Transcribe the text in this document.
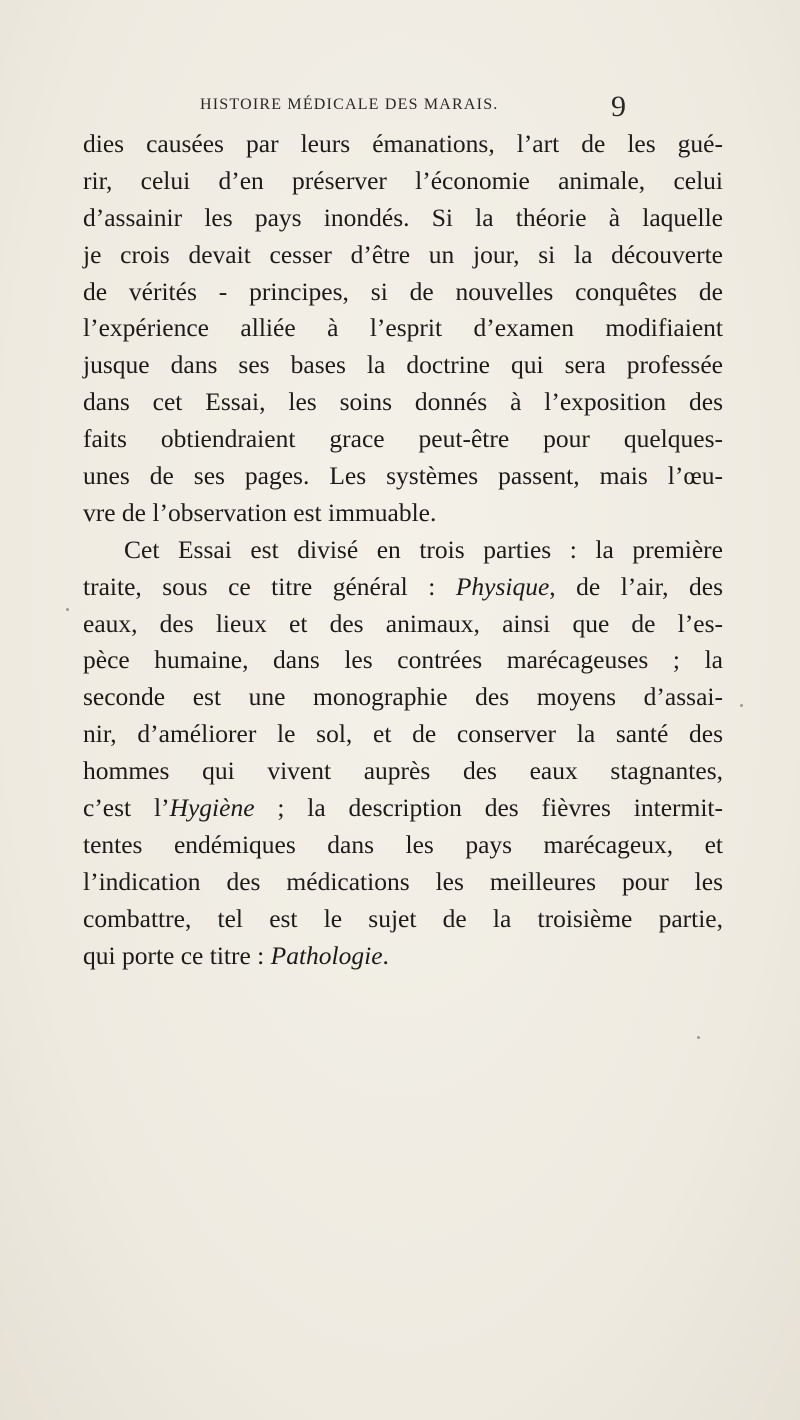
HISTOIRE MÉDICALE DES MARAIS.	9
dies causées par leurs émanations, l’art de les gué-
rir, celui d’en préserver l’économie animale, celui
d’assainir les pays inondés. Si la théorie à laquelle
je crois devait cesser d’être un jour, si la découverte
de vérités - principes, si de nouvelles conquêtes de
l’expérience alliée à l’esprit d’examen modifiaient
jusque dans ses bases la doctrine qui sera professée
dans cet Essai, les soins donnés à l’exposition des
faits obtiendraient grace peut-être pour quelques-
unes de ses pages. Les systèmes passent, mais l’œu-
vre de l’observation est immuable.
Cet Essai est divisé en trois parties : la première
traite, sous ce titre général : Physique, de l’air, des
eaux, des lieux et des animaux, ainsi que de l’es-
pèce humaine, dans les contrées marécageuses ; la
seconde est une monographie des moyens d’assai-
nir, d’améliorer le sol, et de conserver la santé des
hommes qui vivent auprès des eaux stagnantes,
c’est l’Hygiène ; la description des fièvres intermit-
tentes endémiques dans les pays marécageux, et
l’indication des médications les meilleures pour les
combattre, tel est le sujet de la troisième partie,
qui porte ce titre : Pathologie.
